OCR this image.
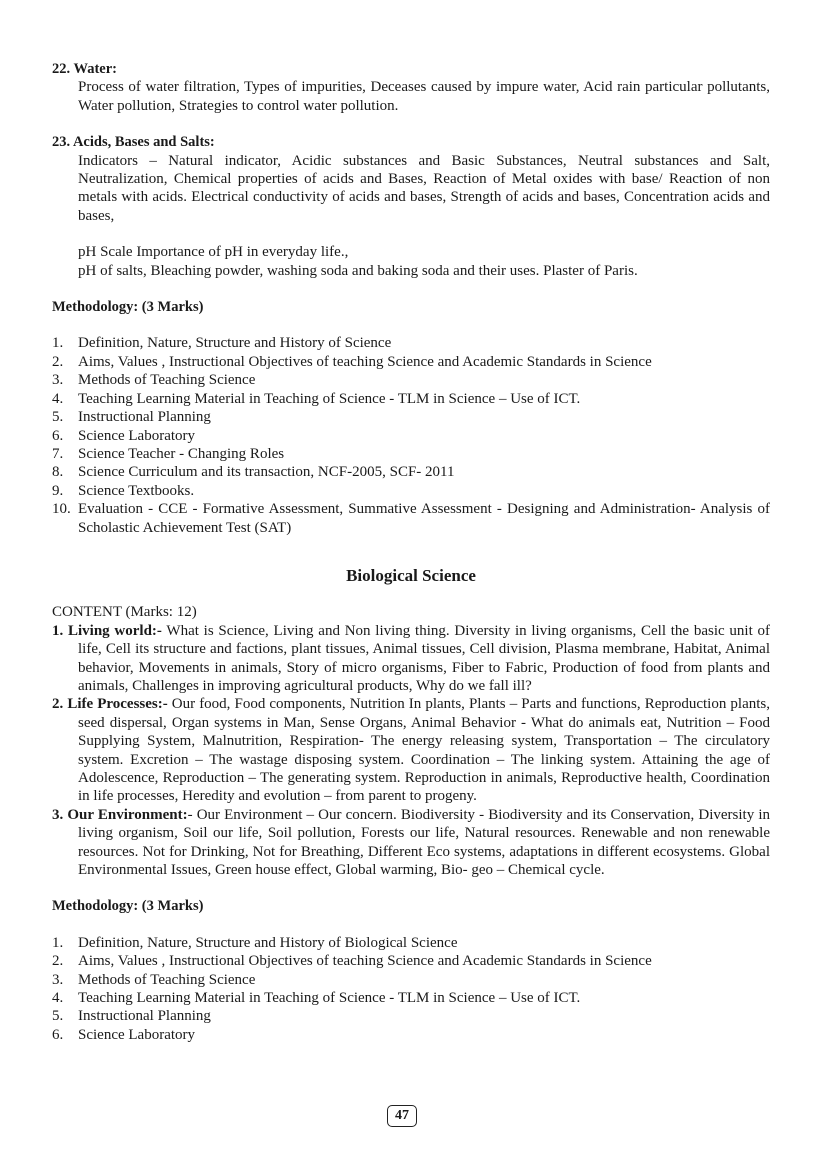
22. Water:
Process of water filtration, Types of impurities, Deceases caused by impure water, Acid rain particular pollutants, Water pollution, Strategies to control water pollution.
23. Acids, Bases and Salts:
Indicators – Natural indicator, Acidic substances and Basic Substances, Neutral substances and Salt, Neutralization, Chemical properties of acids and Bases, Reaction of Metal oxides with base/ Reaction of non metals with acids. Electrical conductivity of acids and bases, Strength of acids and bases, Concentration acids and bases,
pH Scale Importance of pH in everyday life.,
pH of salts, Bleaching powder, washing soda and baking soda and their uses. Plaster of Paris.
Methodology: (3 Marks)
1. Definition, Nature, Structure and History of Science
2. Aims, Values , Instructional Objectives of teaching Science and Academic Standards in Science
3. Methods of Teaching Science
4. Teaching Learning Material in Teaching of Science - TLM in Science – Use of ICT.
5. Instructional Planning
6. Science Laboratory
7. Science Teacher - Changing Roles
8. Science Curriculum and its transaction, NCF-2005, SCF- 2011
9. Science Textbooks.
10. Evaluation - CCE - Formative Assessment, Summative Assessment - Designing and Administration- Analysis of Scholastic Achievement Test (SAT)
Biological Science
CONTENT (Marks: 12)
1. Living world:- What is Science, Living and Non living thing. Diversity in living organisms, Cell the basic unit of life, Cell its structure and factions, plant tissues, Animal tissues, Cell division, Plasma membrane, Habitat, Animal behavior, Movements in animals, Story of micro organisms, Fiber to Fabric, Production of food from plants and animals, Challenges in improving agricultural products, Why do we fall ill?
2. Life Processes:- Our food, Food components, Nutrition In plants, Plants – Parts and functions, Reproduction plants, seed dispersal, Organ systems in Man, Sense Organs, Animal Behavior - What do animals eat, Nutrition – Food Supplying System, Malnutrition, Respiration- The energy releasing system, Transportation – The circulatory system. Excretion – The wastage disposing system. Coordination – The linking system. Attaining the age of Adolescence, Reproduction – The generating system. Reproduction in animals, Reproductive health, Coordination in life processes, Heredity and evolution – from parent to progeny.
3. Our Environment:- Our Environment – Our concern. Biodiversity - Biodiversity and its Conservation, Diversity in living organism, Soil our life, Soil pollution, Forests our life, Natural resources. Renewable and non renewable resources. Not for Drinking, Not for Breathing, Different Eco systems, adaptations in different ecosystems. Global Environmental Issues, Green house effect, Global warming, Bio- geo – Chemical cycle.
Methodology: (3 Marks)
1. Definition, Nature, Structure and History of Biological Science
2. Aims, Values , Instructional Objectives of teaching Science and Academic Standards in Science
3. Methods of Teaching Science
4. Teaching Learning Material in Teaching of Science - TLM in Science – Use of ICT.
5. Instructional Planning
6. Science Laboratory
47
